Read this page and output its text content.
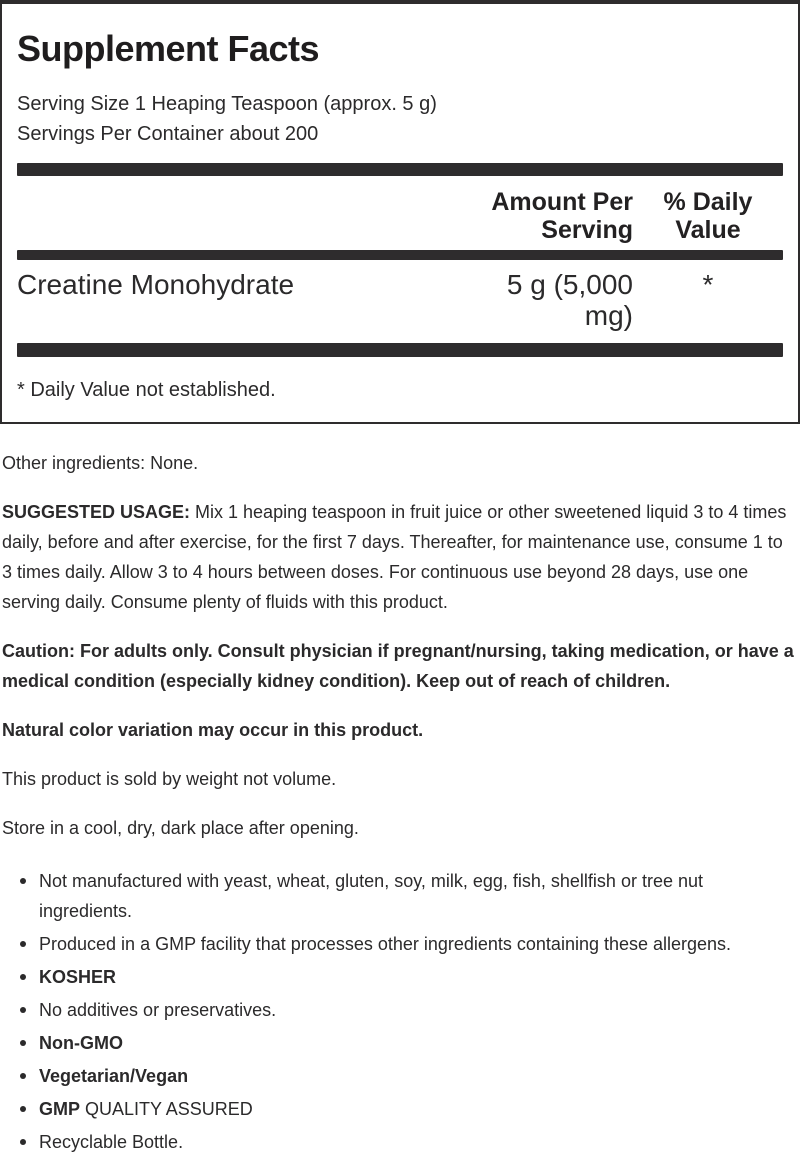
Supplement Facts
Serving Size 1 Heaping Teaspoon (approx. 5 g)
Servings Per Container about 200
Amount Per Serving
% Daily Value
Creatine Monohydrate	5 g (5,000 mg)
*
* Daily Value not established.

Other ingredients: None.

SUGGESTED USAGE: Mix 1 heaping teaspoon in fruit juice or other sweetened liquid 3 to 4 times daily, before and after exercise, for the first 7 days. Thereafter, for maintenance use, consume 1 to 3 times daily. Allow 3 to 4 hours between doses. For continuous use beyond 28 days, use one serving daily. Consume plenty of fluids with this product.

Caution: For adults only. Consult physician if pregnant/nursing, taking medication, or have a medical condition (especially kidney condition). Keep out of reach of children.

Natural color variation may occur in this product.

This product is sold by weight not volume.

Store in a cool, dry, dark place after opening.

Not manufactured with yeast, wheat, gluten, soy, milk, egg, fish, shellfish or tree nut ingredients.
Produced in a GMP facility that processes other ingredients containing these allergens.
KOSHER
No additives or preservatives.
Non-GMO
Vegetarian/Vegan
GMP QUALITY ASSURED
Recyclable Bottle.
